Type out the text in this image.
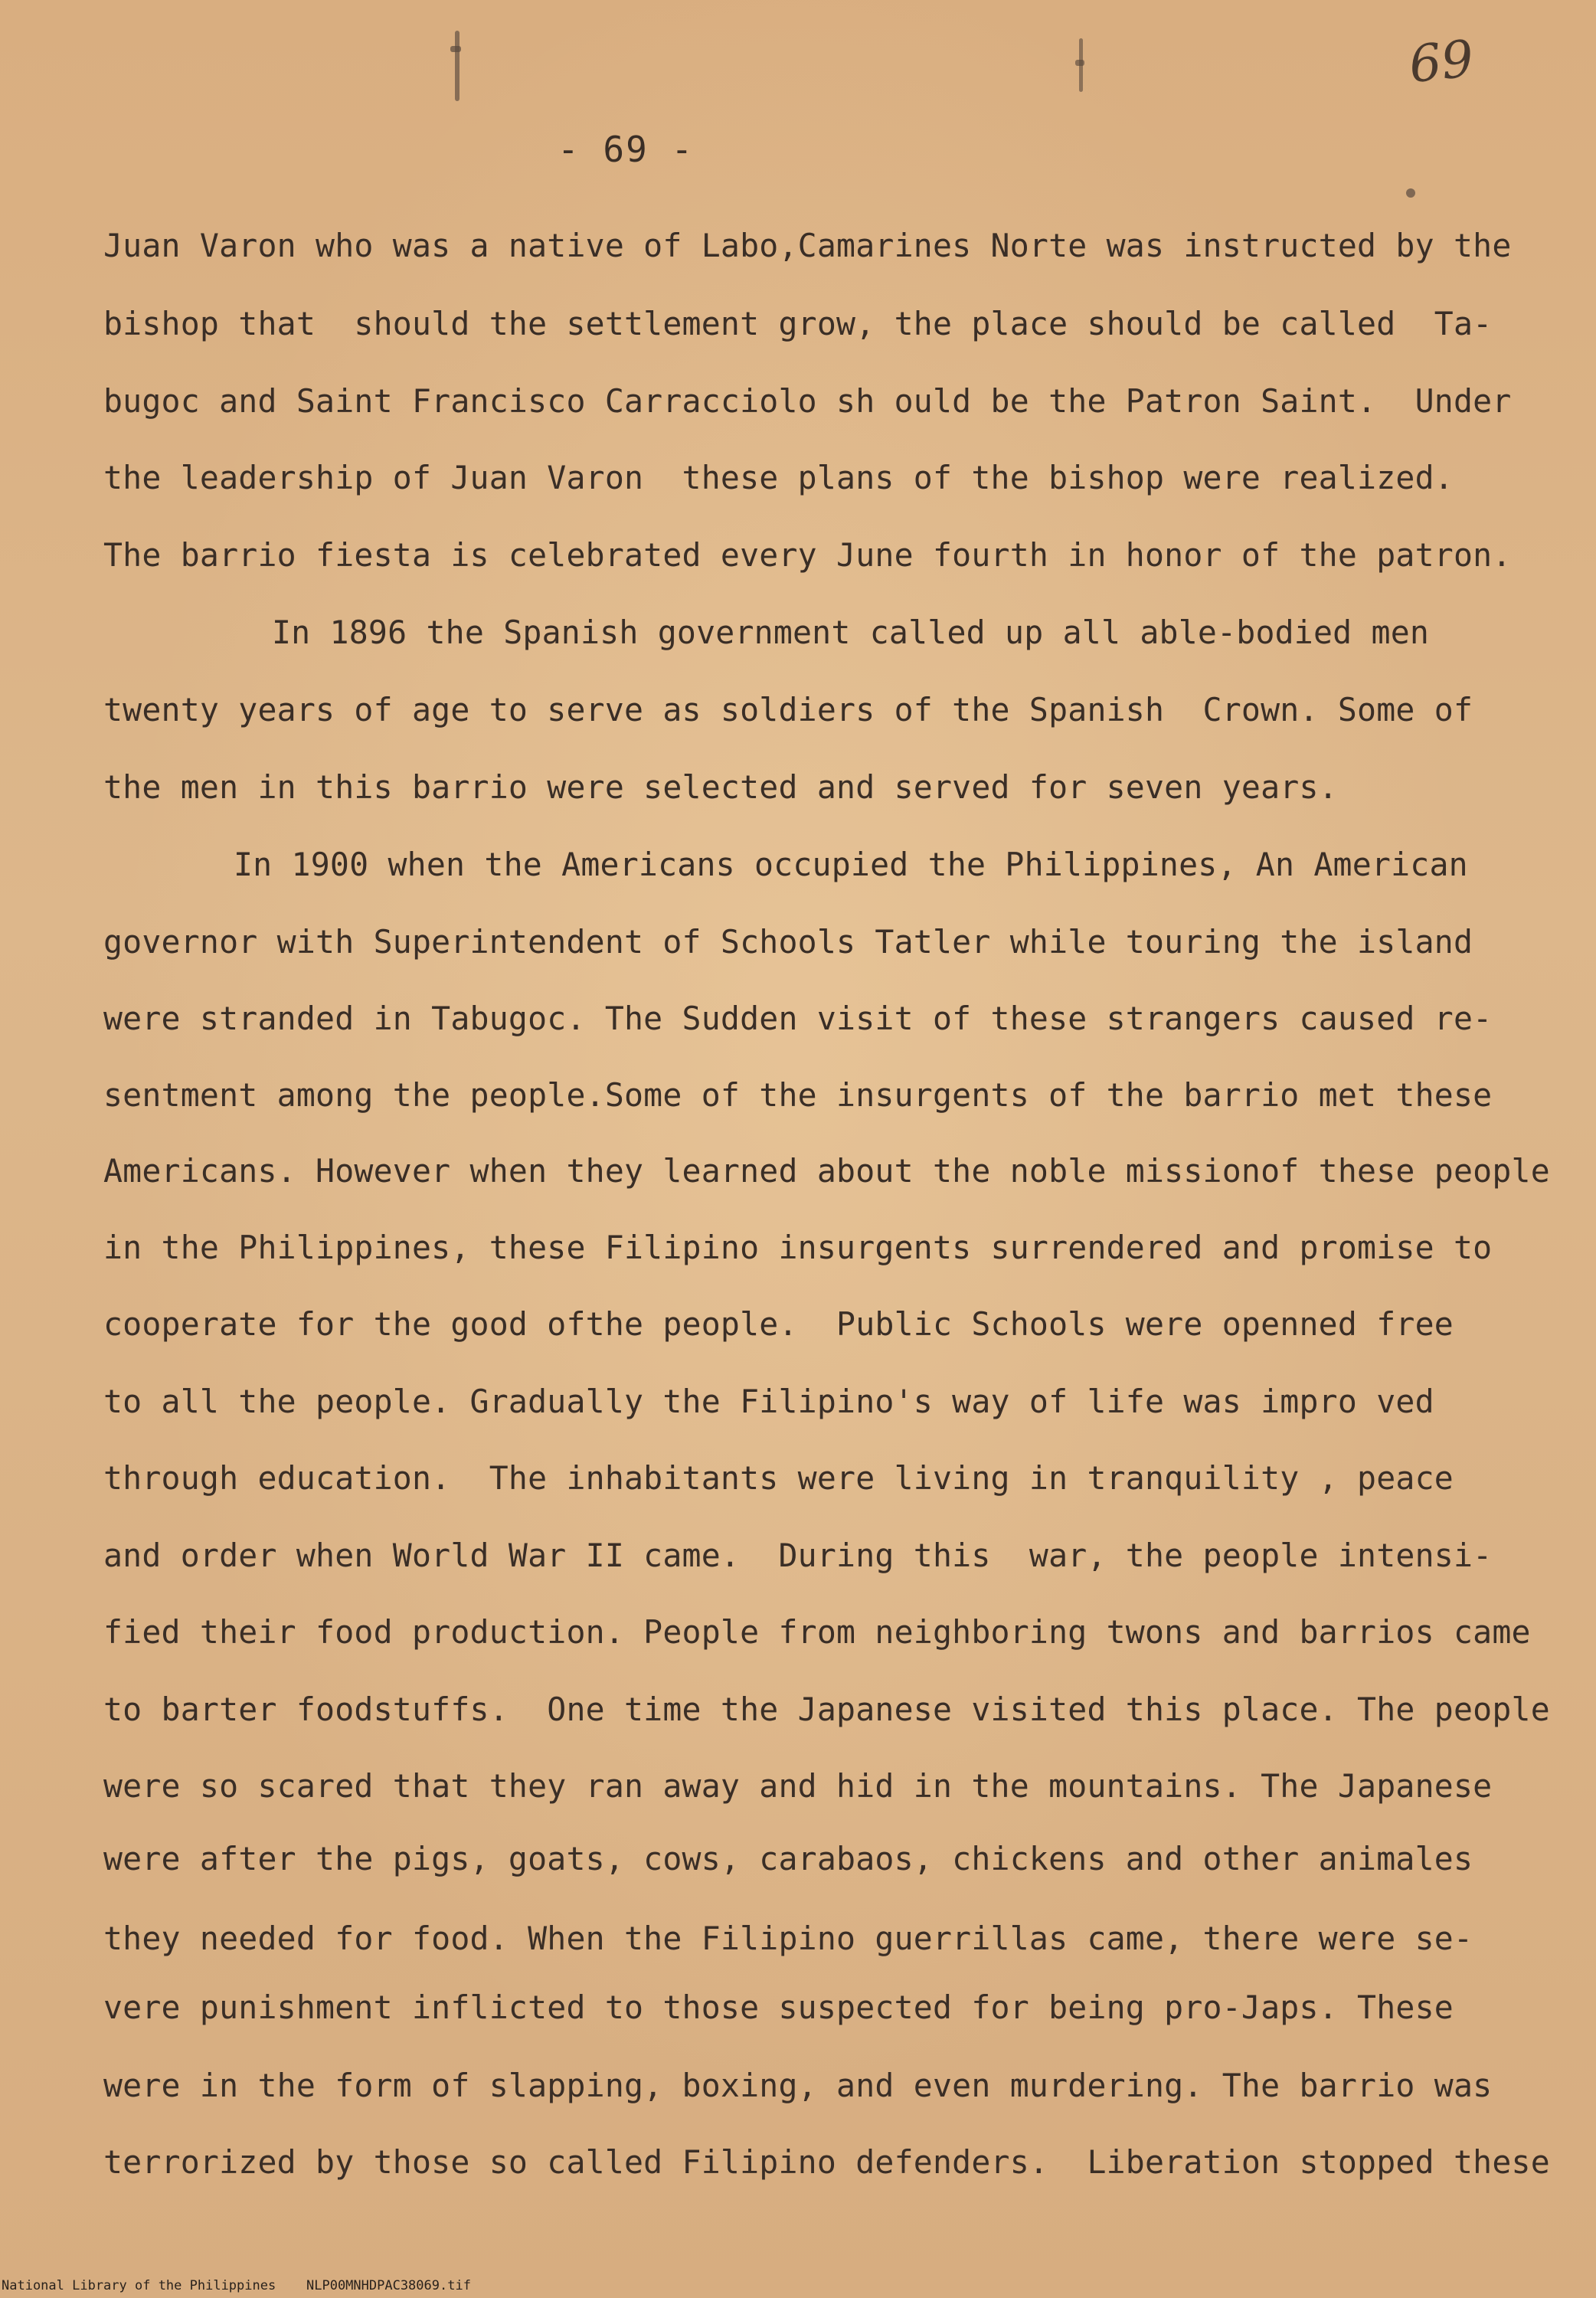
69
- 69 -
Juan Varon who was a native of Labo,Camarines Norte was instructed by the
bishop that  should the settlement grow, the place should be called  Ta-
bugoc and Saint Francisco Carracciolo sh ould be the Patron Saint.  Under
the leadership of Juan Varon  these plans of the bishop were realized.
The barrio fiesta is celebrated every June fourth in honor of the patron.
In 1896 the Spanish government called up all able-bodied men
twenty years of age to serve as soldiers of the Spanish  Crown. Some of
the men in this barrio were selected and served for seven years.
In 1900 when the Americans occupied the Philippines, An American
governor with Superintendent of Schools Tatler while touring the island
were stranded in Tabugoc. The Sudden visit of these strangers caused re-
sentment among the people.Some of the insurgents of the barrio met these
Americans. However when they learned about the noble missionof these people
in the Philippines, these Filipino insurgents surrendered and promise to
cooperate for the good ofthe people.  Public Schools were openned free
to all the people. Gradually the Filipino's way of life was impro ved
through education.  The inhabitants were living in tranquility , peace
and order when World War II came.  During this  war, the people intensi-
fied their food production. People from neighboring twons and barrios came
to barter foodstuffs.  One time the Japanese visited this place. The people
were so scared that they ran away and hid in the mountains. The Japanese
were after the pigs, goats, cows, carabaos, chickens and other animales
they needed for food. When the Filipino guerrillas came, there were se-
vere punishment inflicted to those suspected for being pro-Japs. These
were in the form of slapping, boxing, and even murdering. The barrio was
terrorized by those so called Filipino defenders.  Liberation stopped these
National Library of the Philippines NLP00MNHDPAC38069.tif
